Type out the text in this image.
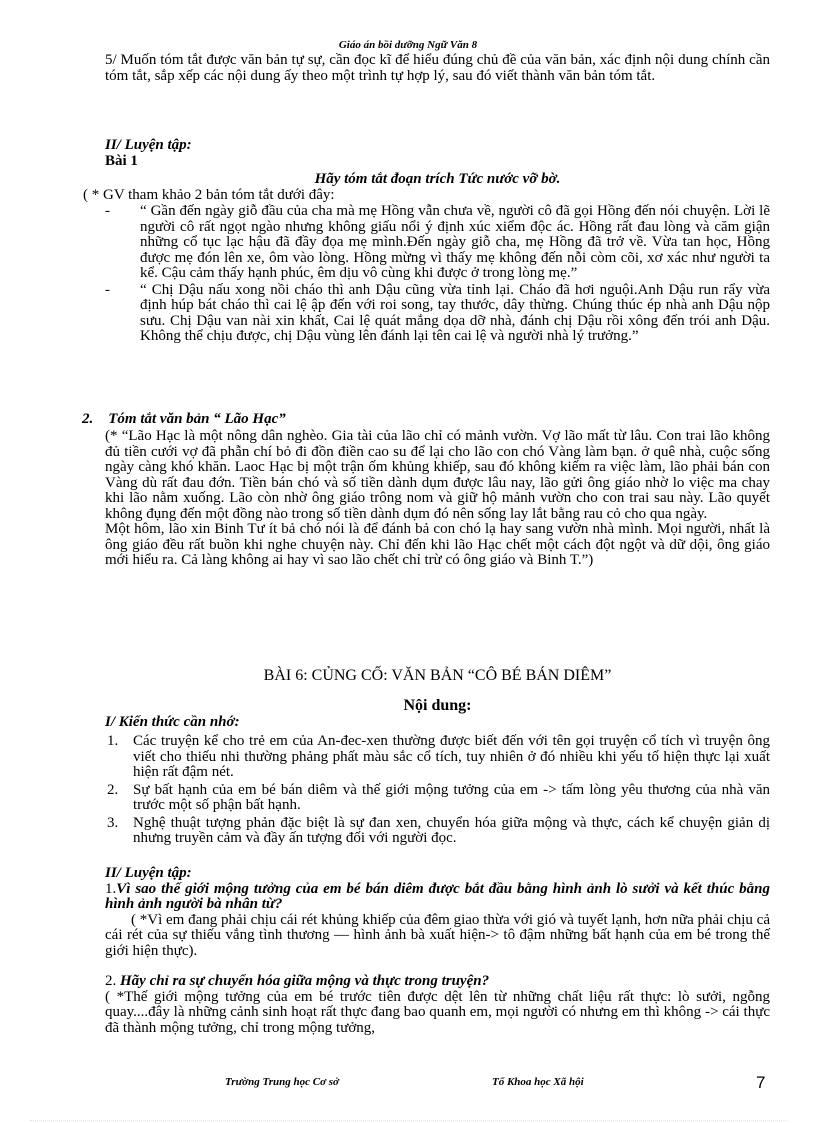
Giáo án bồi dưỡng Ngữ Văn 8

5/ Muốn tóm tắt được văn bản tự sự, cần đọc kĩ để hiểu đúng chủ đề của văn bản, xác định nội dung chính cần tóm tắt, sắp xếp các nội dung ấy theo một trình tự hợp lý, sau đó viết thành văn bản tóm tắt.

II/ Luyện tập:

Bài 1

Hãy tóm tắt đoạn trích Tức nước vỡ bờ.

( * GV tham khảo 2 bản tóm tắt dưới đây:

- “ Gần đến ngày giỗ đầu của cha mà mẹ Hồng vẫn chưa về, người cô đã gọi Hồng đến nói chuyện. Lời lẽ người cô rất ngọt ngào nhưng không giấu nổi ý định xúc xiểm độc ác. Hồng rất đau lòng và căm giận những cổ tục lạc hậu đã đầy đọa mẹ mình.Đến ngày giỗ cha, mẹ Hồng đã trở về. Vừa tan học, Hồng được mẹ đón lên xe, ôm vào lòng. Hồng mừng vì thấy mẹ không đến nỗi còm cõi, xơ xác như người ta kể. Cậu cảm thấy hạnh phúc, êm dịu vô cùng khi được ở trong lòng mẹ.”

- “ Chị Dậu nấu xong nồi cháo thì anh Dậu cũng vừa tỉnh lại. Cháo đã hơi nguội.Anh Dậu run rẩy vừa định húp bát cháo thì cai lệ ập đến với roi song, tay thước, dây thừng. Chúng thúc ép nhà anh Dậu nộp sưu. Chị Dậu van nài xin khất, Cai lệ quát mắng dọa dỡ nhà, đánh chị Dậu rồi xông đến trói anh Dậu. Không thể chịu được, chị Dậu vùng lên đánh lại tên cai lệ và người nhà lý trưởng.”

2. Tóm tắt văn bản “ Lão Hạc”

(* “Lão Hạc là một nông dân nghèo. Gia tài của lão chỉ có mảnh vườn. Vợ lão mất từ lâu. Con trai lão không đủ tiền cưới vợ đã phẫn chí bỏ đi đồn điền cao su để lại cho lão con chó Vàng làm bạn. ở quê nhà, cuộc sống ngày càng khó khăn. Laoc Hạc bị một trận ốm khủng khiếp, sau đó không kiếm ra việc làm, lão phải bán con Vàng dù rất đau đớn. Tiền bán chó và số tiền dành dụm được lâu nay, lão gửi ông giáo nhờ lo việc ma chay khi lão nằm xuống. Lão còn nhờ ông giáo trông nom và giữ hộ mảnh vườn cho con trai sau này. Lão quyết không đụng đến một đồng nào trong số tiền dành dụm đó nên sống lay lắt bằng rau cỏ cho qua ngày.

Một hôm, lão xin Binh Tư ít bả chó nói là để đánh bả con chó lạ hay sang vườn nhà mình. Mọi người, nhất là ông giáo đều rất buồn khi nghe chuyện này. Chỉ đến khi lão Hạc chết một cách đột ngột và dữ dội, ông giáo mới hiểu ra. Cả làng không ai hay vì sao lão chết chỉ trừ có ông giáo và Binh T.”)

BÀI 6: CỦNG CỐ: VĂN BẢN “CÔ BÉ BÁN DIÊM”

Nội dung:

I/ Kiến thức cần nhớ:

1. Các truyện kể cho trẻ em của An-đec-xen thường được biết đến với tên gọi truyện cổ tích vì truyện ông viết cho thiếu nhi thường phảng phất màu sắc cổ tích, tuy nhiên ở đó nhiều khi yếu tố hiện thực lại xuất hiện rất đậm nét.

2. Sự bất hạnh của em bé bán diêm và thế giới mộng tưởng của em -> tấm lòng yêu thương của nhà văn trước một số phận bất hạnh.

3. Nghệ thuật tượng phản đặc biệt là sự đan xen, chuyển hóa giữa mộng và thực, cách kể chuyện giản dị nhưng truyền cảm và đầy ấn tượng đối với người đọc.

II/ Luyện tập:

1.Vì sao thế giới mộng tưởng của em bé bán diêm được bắt đầu bằng hình ảnh lò sưởi và kết thúc bằng hình ảnh người bà nhân từ?

( *Vì em đang phải chịu cái rét khủng khiếp của đêm giao thừa với gió và tuyết lạnh, hơn nữa phải chịu cả cái rét của sự thiếu vắng tình thương — hình ảnh bà xuất hiện-> tô đậm những bất hạnh của em bé trong thế giới hiện thực).

2. Hãy chỉ ra sự chuyển hóa giữa mộng và thực trong truyện?

( *Thế giới mộng tưởng của em bé trước tiên được dệt lên từ những chất liệu rất thực: lò sưởi, ngỗng quay....đây là những cảnh sinh hoạt rất thực đang bao quanh em, mọi người có nhưng em thì không -> cái thực đã thành mộng tưởng, chỉ trong mộng tưởng,

Trường Trung học Cơ sở	Tổ Khoa học Xã hội	7
